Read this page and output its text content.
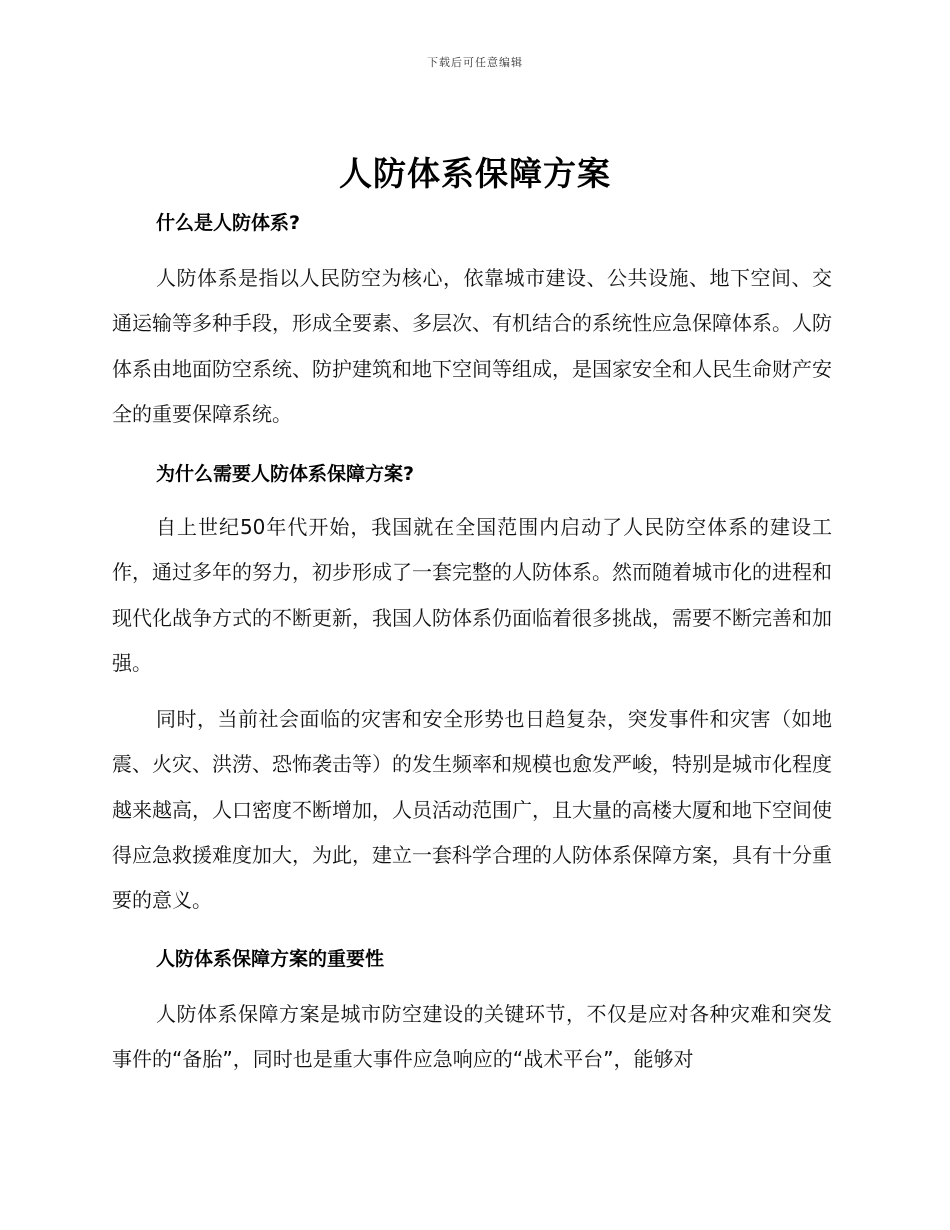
下载后可任意编辑
人防体系保障方案
什么是人防体系?

人防体系是指以人民防空为核心，依靠城市建设、公共设施、地下空间、交通运输等多种手段，形成全要素、多层次、有机结合的系统性应急保障体系。人防体系由地面防空系统、防护建筑和地下空间等组成，是国家安全和人民生命财产安全的重要保障系统。

为什么需要人防体系保障方案?

自上世纪50年代开始，我国就在全国范围内启动了人民防空体系的建设工作，通过多年的努力，初步形成了一套完整的人防体系。然而随着城市化的进程和现代化战争方式的不断更新，我国人防体系仍面临着很多挑战，需要不断完善和加强。

同时，当前社会面临的灾害和安全形势也日趋复杂，突发事件和灾害（如地震、火灾、洪涝、恐怖袭击等）的发生频率和规模也愈发严峻，特别是城市化程度越来越高，人口密度不断增加，人员活动范围广，且大量的高楼大厦和地下空间使得应急救援难度加大，为此，建立一套科学合理的人防体系保障方案，具有十分重要的意义。

人防体系保障方案的重要性

人防体系保障方案是城市防空建设的关键环节，不仅是应对各种灾难和突发事件的“备胎”，同时也是重大事件应急响应的“战术平台”，能够对
